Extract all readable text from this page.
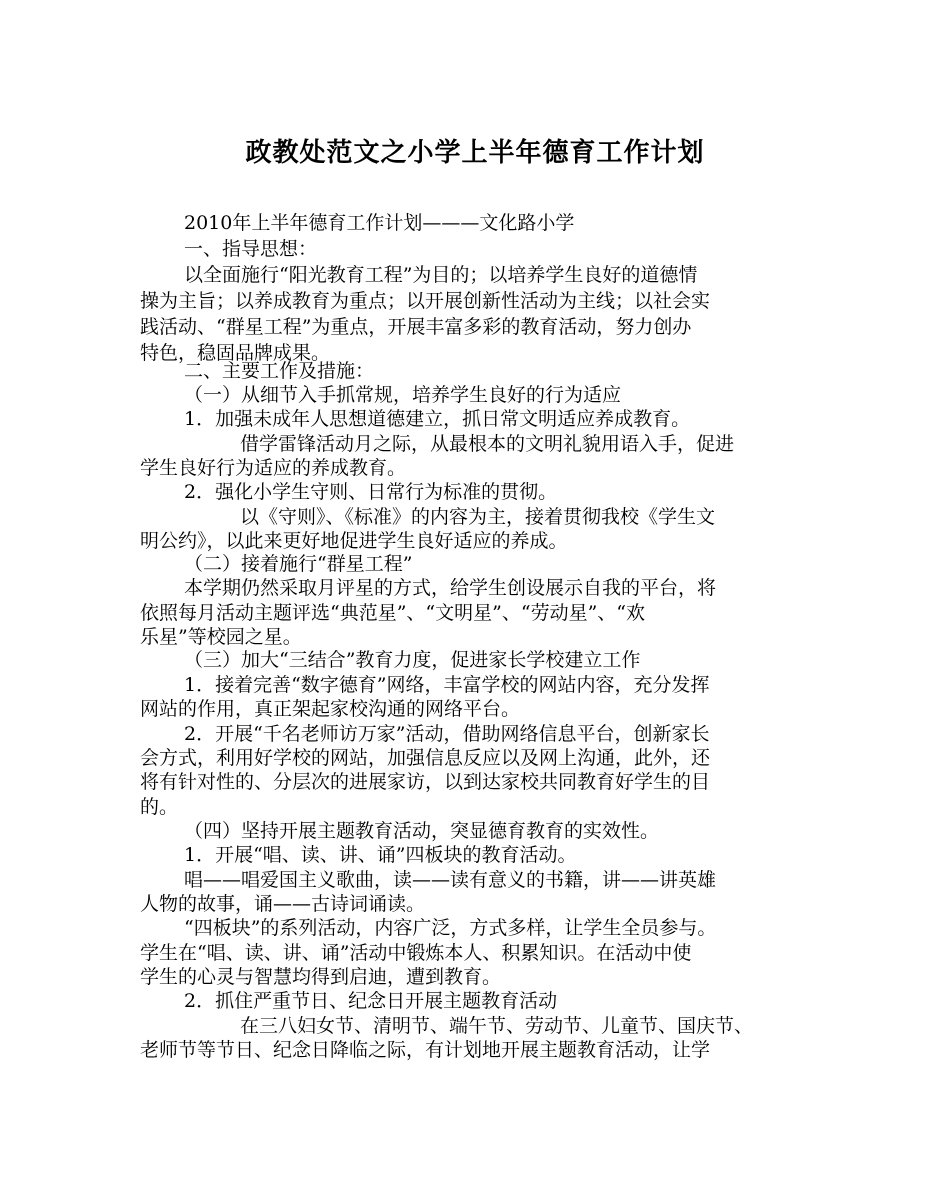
政教处范文之小学上半年德育工作计划
2010年上半年德育工作计划———文化路小学
一、指导思想：
以全面施行“阳光教育工程”为目的；以培养学生良好的道德情
操为主旨；以养成教育为重点；以开展创新性活动为主线；以社会实
践活动、“群星工程”为重点，开展丰富多彩的教育活动，努力创办
特色，稳固品牌成果。
二、主要工作及措施：
（一）从细节入手抓常规，培养学生良好的行为适应
1．加强未成年人思想道德建立，抓日常文明适应养成教育。
借学雷锋活动月之际，从最根本的文明礼貌用语入手，促进
学生良好行为适应的养成教育。
2．强化小学生守则、日常行为标准的贯彻。
以《守则》、《标准》的内容为主，接着贯彻我校《学生文
明公约》，以此来更好地促进学生良好适应的养成。
（二）接着施行“群星工程”
本学期仍然采取月评星的方式，给学生创设展示自我的平台，将
依照每月活动主题评选“典范星”、“文明星”、“劳动星”、“欢
乐星”等校园之星。
（三）加大“三结合”教育力度，促进家长学校建立工作
1．接着完善“数字德育”网络，丰富学校的网站内容，充分发挥
网站的作用，真正架起家校沟通的网络平台。
2．开展“千名老师访万家”活动，借助网络信息平台，创新家长
会方式，利用好学校的网站，加强信息反应以及网上沟通，此外，还
将有针对性的、分层次的进展家访，以到达家校共同教育好学生的目
的。
（四）坚持开展主题教育活动，突显德育教育的实效性。
1．开展“唱、读、讲、诵”四板块的教育活动。
唱——唱爱国主义歌曲，读——读有意义的书籍，讲——讲英雄
人物的故事，诵——古诗词诵读。
“四板块”的系列活动，内容广泛，方式多样，让学生全员参与。
学生在“唱、读、讲、诵”活动中锻炼本人、积累知识。在活动中使
学生的心灵与智慧均得到启迪，遭到教育。
2．抓住严重节日、纪念日开展主题教育活动
在三八妇女节、清明节、端午节、劳动节、儿童节、国庆节、
老师节等节日、纪念日降临之际，有计划地开展主题教育活动，让学
